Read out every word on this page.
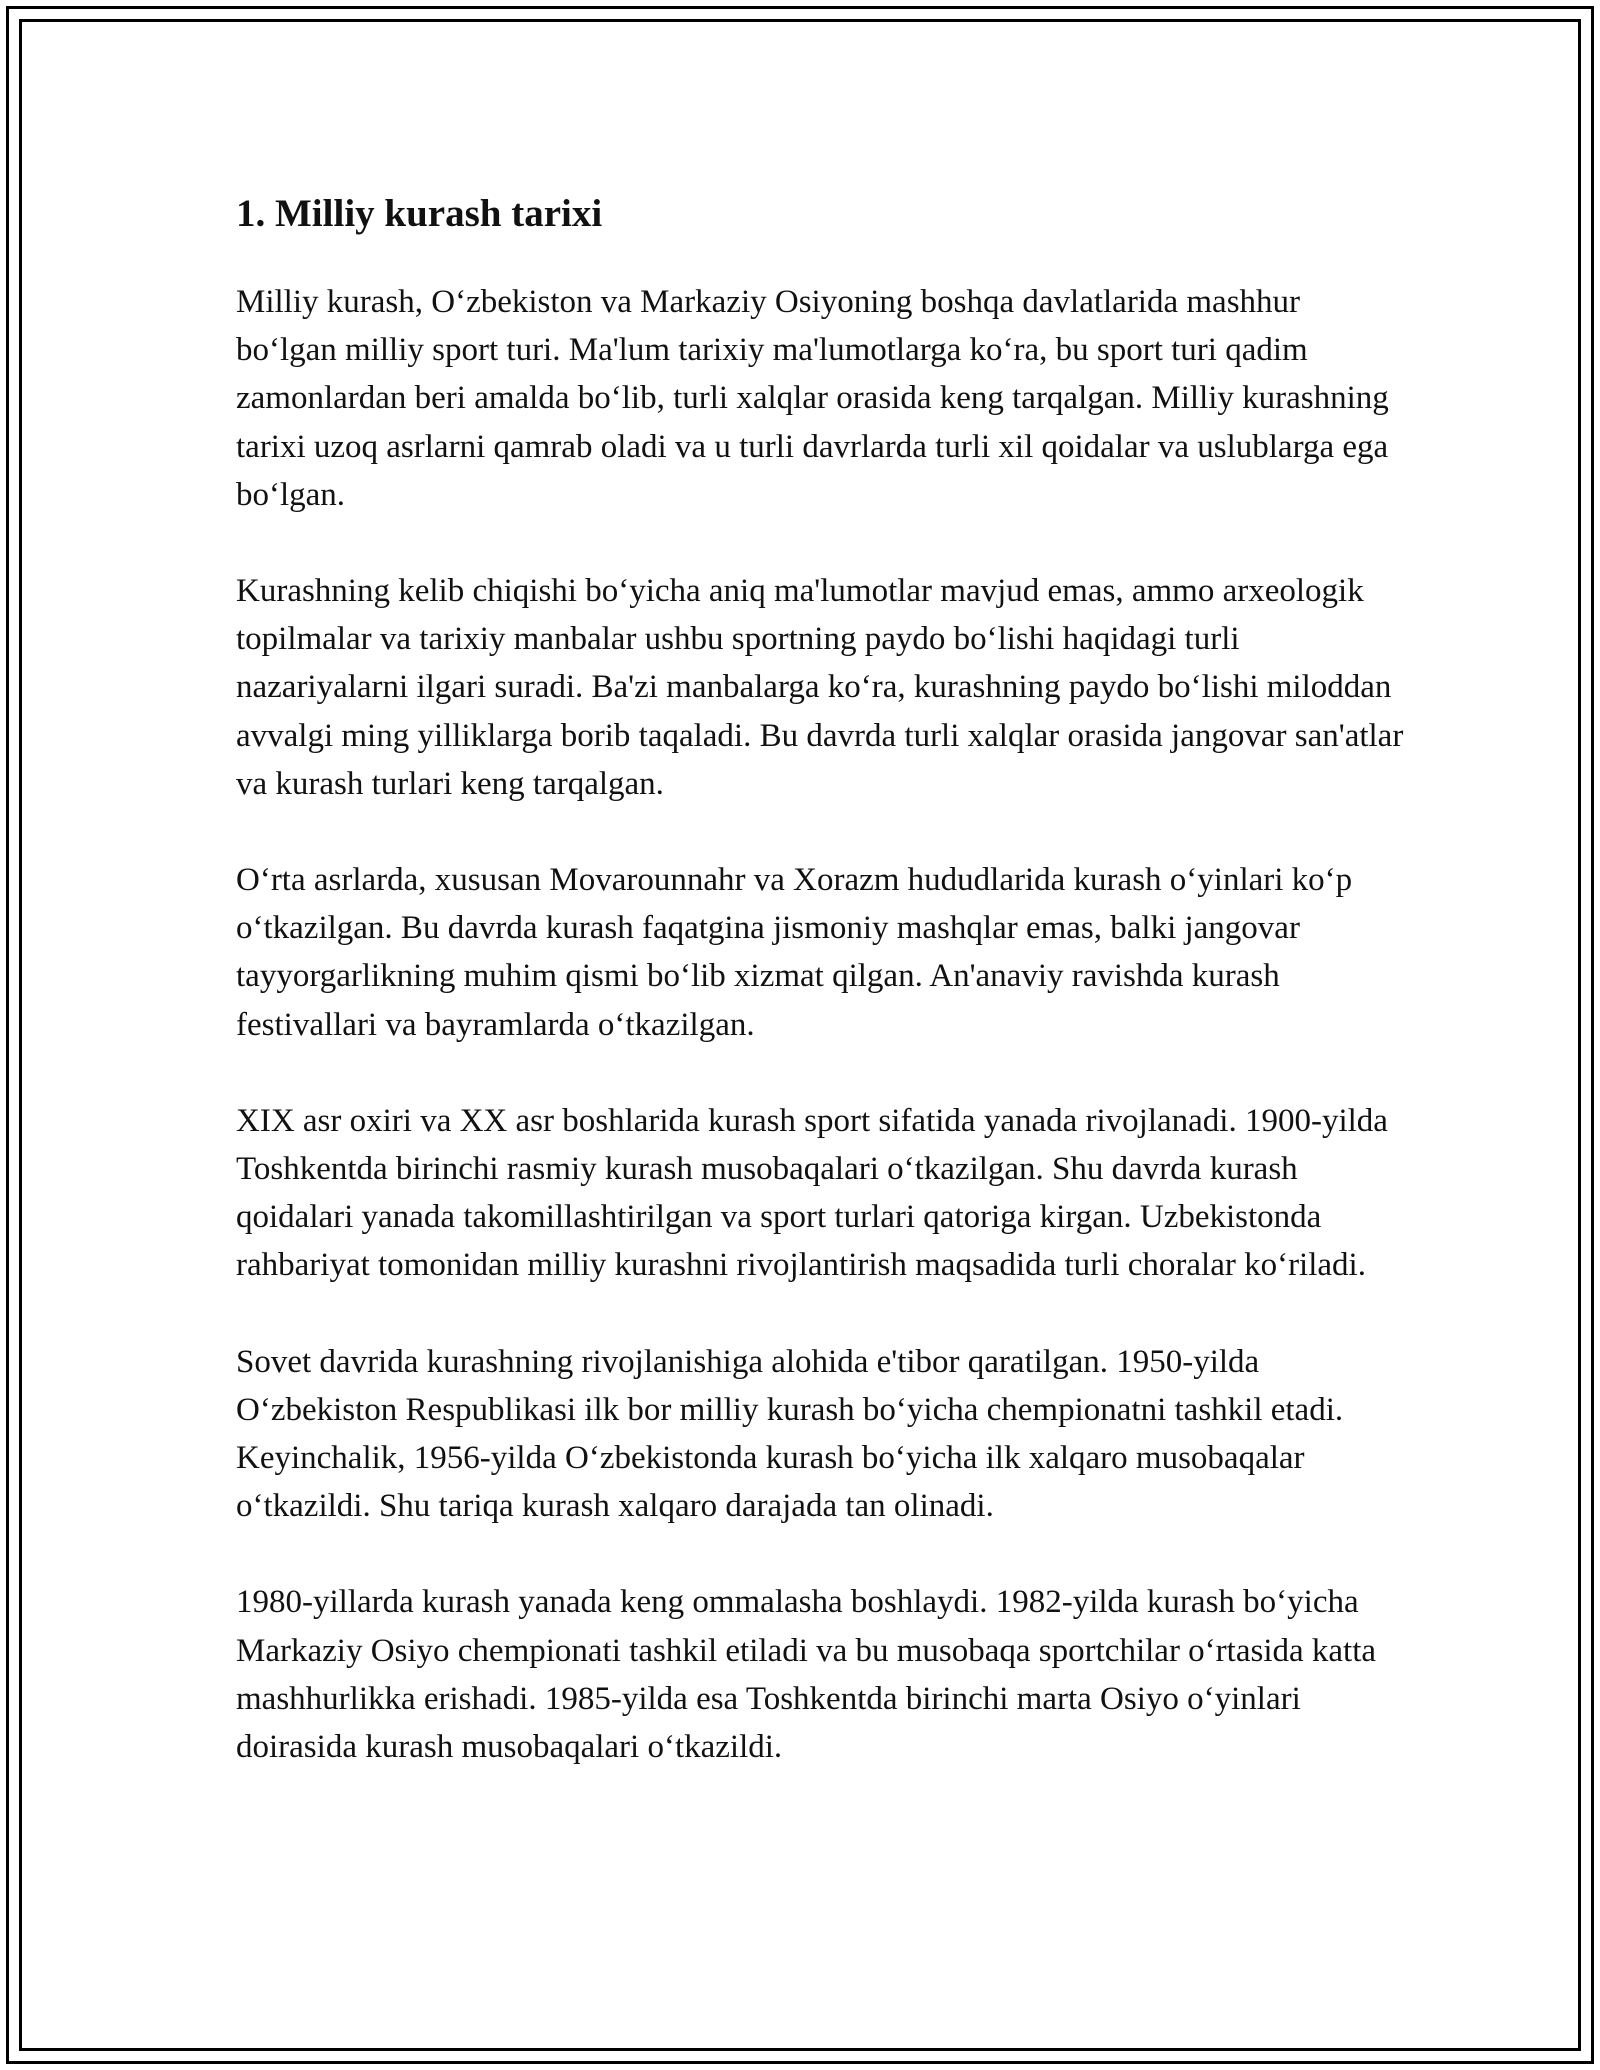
1. Milliy kurash tarixi

Milliy kurash, O‘zbekiston va Markaziy Osiyoning boshqa davlatlarida mashhur bo‘lgan milliy sport turi. Ma'lum tarixiy ma'lumotlarga ko‘ra, bu sport turi qadim zamonlardan beri amalda bo‘lib, turli xalqlar orasida keng tarqalgan. Milliy kurashning tarixi uzoq asrlarni qamrab oladi va u turli davrlarda turli xil qoidalar va uslublarga ega bo‘lgan.

Kurashning kelib chiqishi bo‘yicha aniq ma'lumotlar mavjud emas, ammo arxeologik topilmalar va tarixiy manbalar ushbu sportning paydo bo‘lishi haqidagi turli nazariyalarni ilgari suradi. Ba'zi manbalarga ko‘ra, kurashning paydo bo‘lishi miloddan avvalgi ming yilliklarga borib taqaladi. Bu davrda turli xalqlar orasida jangovar san'atlar va kurash turlari keng tarqalgan.

O‘rta asrlarda, xususan Movarounnahr va Xorazm hududlarida kurash o‘yinlari ko‘p o‘tkazilgan. Bu davrda kurash faqatgina jismoniy mashqlar emas, balki jangovar tayyorgarlikning muhim qismi bo‘lib xizmat qilgan. An'anaviy ravishda kurash festivallari va bayramlarda o‘tkazilgan.

XIX asr oxiri va XX asr boshlarida kurash sport sifatida yanada rivojlanadi. 1900-yilda Toshkentda birinchi rasmiy kurash musobaqalari o‘tkazilgan. Shu davrda kurash qoidalari yanada takomillashtirilgan va sport turlari qatoriga kirgan. Uzbekistonda rahbariyat tomonidan milliy kurashni rivojlantirish maqsadida turli choralar ko‘riladi.

Sovet davrida kurashning rivojlanishiga alohida e'tibor qaratilgan. 1950-yilda O‘zbekiston Respublikasi ilk bor milliy kurash bo‘yicha chempionatni tashkil etadi. Keyinchalik, 1956-yilda O‘zbekistonda kurash bo‘yicha ilk xalqaro musobaqalar o‘tkazildi. Shu tariqa kurash xalqaro darajada tan olinadi.

1980-yillarda kurash yanada keng ommalasha boshlaydi. 1982-yilda kurash bo‘yicha Markaziy Osiyo chempionati tashkil etiladi va bu musobaqa sportchilar o‘rtasida katta mashhurlikka erishadi. 1985-yilda esa Toshkentda birinchi marta Osiyo o‘yinlari doirasida kurash musobaqalari o‘tkazildi.
